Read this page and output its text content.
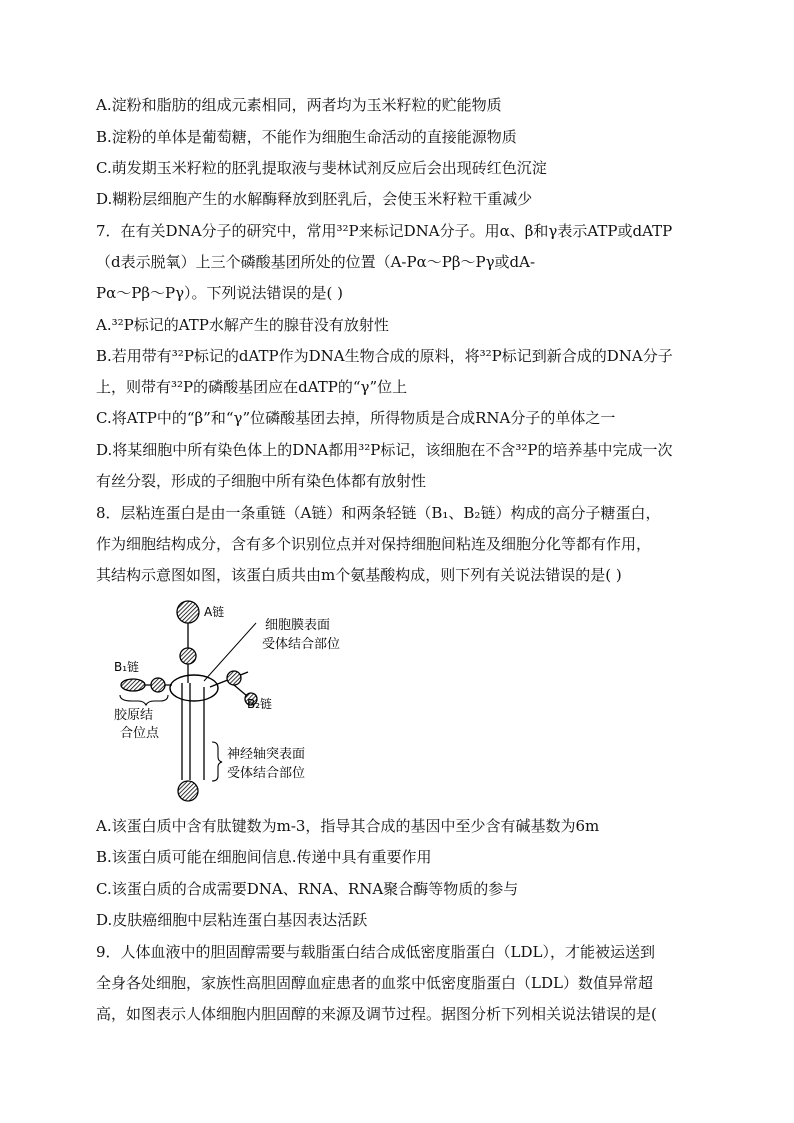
A.淀粉和脂肪的组成元素相同，两者均为玉米籽粒的贮能物质
B.淀粉的单体是葡萄糖，不能作为细胞生命活动的直接能源物质
C.萌发期玉米籽粒的胚乳提取液与斐林试剂反应后会出现砖红色沉淀
D.糊粉层细胞产生的水解酶释放到胚乳后，会使玉米籽粒干重减少
7．在有关DNA分子的研究中，常用³²P来标记DNA分子。用α、β和γ表示ATP或dATP
（d表示脱氧）上三个磷酸基团所处的位置（A-Pα～Pβ～Pγ或dA-
Pα～Pβ～Pγ）。下列说法错误的是( )
A.³²P标记的ATP水解产生的腺苷没有放射性
B.若用带有³²P标记的dATP作为DNA生物合成的原料，将³²P标记到新合成的DNA分子
上，则带有³²P的磷酸基团应在dATP的“γ”位上
C.将ATP中的“β”和“γ”位磷酸基团去掉，所得物质是合成RNA分子的单体之一
D.将某细胞中所有染色体上的DNA都用³²P标记，该细胞在不含³²P的培养基中完成一次
有丝分裂，形成的子细胞中所有染色体都有放射性
8．层粘连蛋白是由一条重链（A链）和两条轻链（B₁、B₂链）构成的高分子糖蛋白，
作为细胞结构成分，含有多个识别位点并对保持细胞间粘连及细胞分化等都有作用，
其结构示意图如图，该蛋白质共由m个氨基酸构成，则下列有关说法错误的是( )
A链
细胞膜表面
受体结合部位
B₁链
B₂链
胶原结
合位点
神经轴突表面
受体结合部位
A.该蛋白质中含有肽键数为m-3，指导其合成的基因中至少含有碱基数为6m
B.该蛋白质可能在细胞间信息.传递中具有重要作用
C.该蛋白质的合成需要DNA、RNA、RNA聚合酶等物质的参与
D.皮肤癌细胞中层粘连蛋白基因表达活跃
9．人体血液中的胆固醇需要与载脂蛋白结合成低密度脂蛋白（LDL），才能被运送到
全身各处细胞，家族性高胆固醇血症患者的血浆中低密度脂蛋白（LDL）数值异常超
高，如图表示人体细胞内胆固醇的来源及调节过程。据图分析下列相关说法错误的是(
